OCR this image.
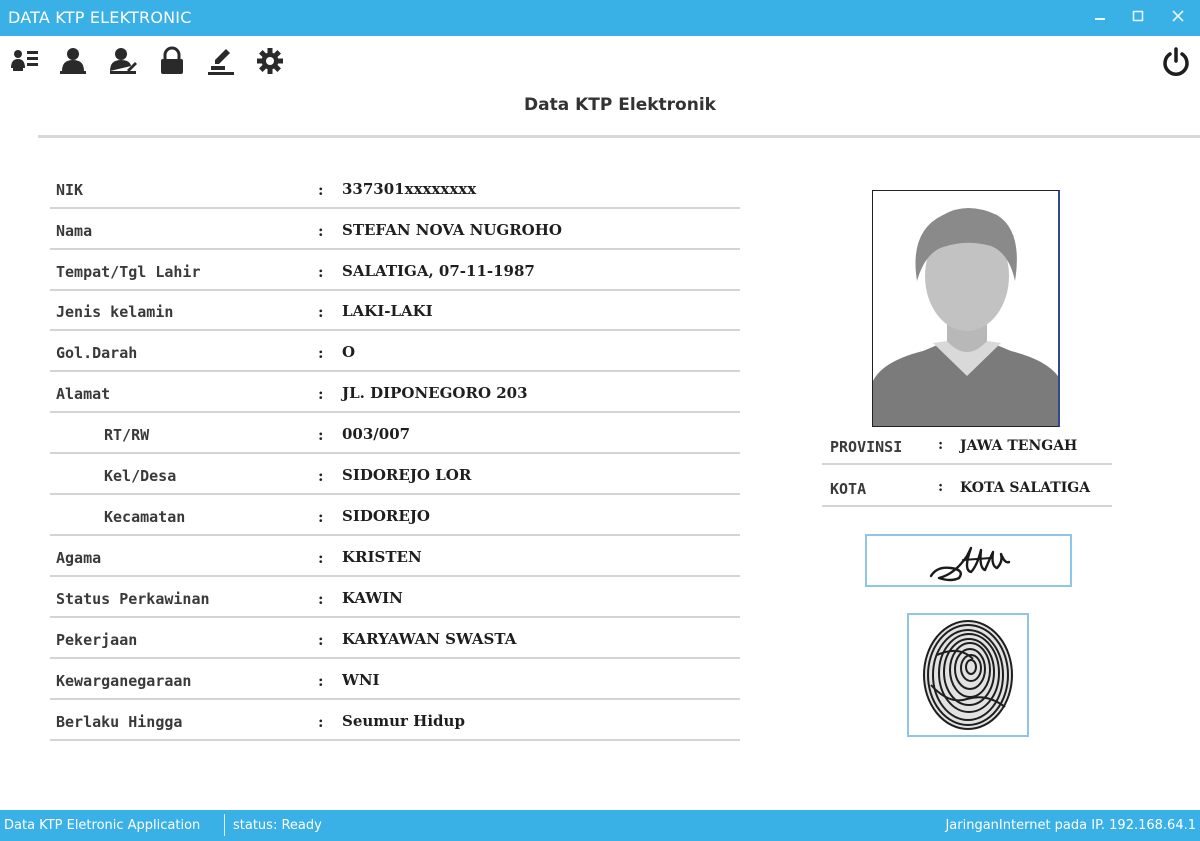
DATA KTP ELEKTRONIC
Data KTP Elektronik
NIK	: 337301xxxxxxxx
Nama	: STEFAN NOVA NUGROHO
Tempat/Tgl Lahir	: SALATIGA, 07-11-1987
Jenis kelamin	: LAKI-LAKI
Gol.Darah	: O
Alamat	: JL. DIPONEGORO 203
RT/RW	: 003/007
Kel/Desa	: SIDOREJO LOR
Kecamatan	: SIDOREJO
Agama	: KRISTEN
Status Perkawinan	: KAWIN
Pekerjaan	: KARYAWAN SWASTA
Kewarganegaraan	: WNI
Berlaku Hingga	: Seumur Hidup
PROVINSI	: JAWA TENGAH
KOTA	: KOTA SALATIGA
Data KTP Eletronic Application	status: Ready	JaringanInternet pada IP. 192.168.64.1
